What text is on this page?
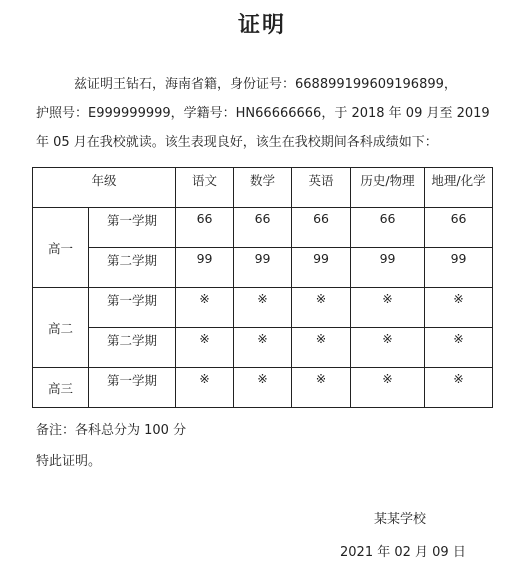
证明
兹证明王钻石，海南省籍，身份证号：668899199609196899，
护照号：E999999999，学籍号：HN66666666，于 2018 年 09 月至 2019
年 05 月在我校就读。该生表现良好，该生在我校期间各科成绩如下：
年级		语文	数学	英语	历史/物理	地理/化学
高一	第一学期	66	66	66	66	66
	第二学期	99	99	99	99	99
高二	第一学期	※	※	※	※	※
	第二学期	※	※	※	※	※
高三	第一学期	※	※	※	※	※
备注：各科总分为 100 分
特此证明。
某某学校
2021 年 02 月 09 日
